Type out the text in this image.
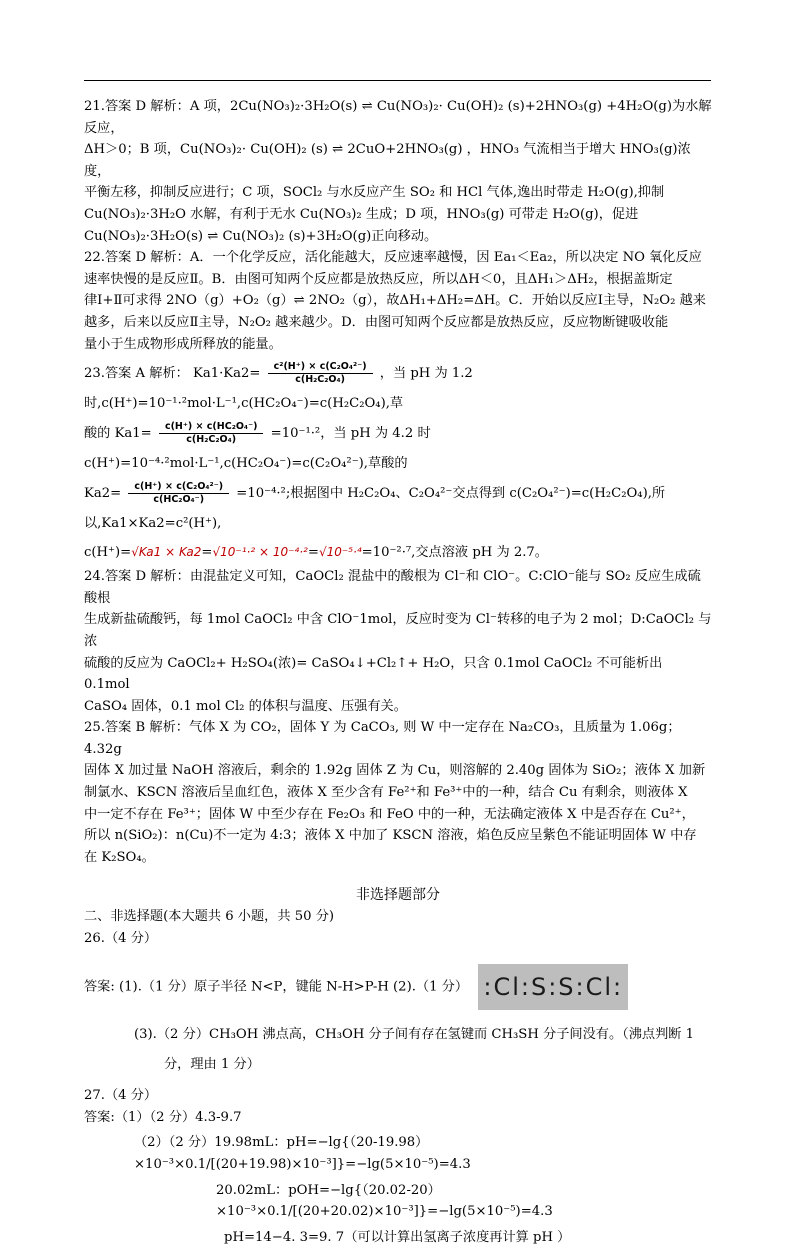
21.答案 D 解析：A 项，2Cu(NO₃)₂·3H₂O(s) ⇌ Cu(NO₃)₂· Cu(OH)₂ (s)+2HNO₃(g) +4H₂O(g)为水解反应，
ΔH＞0；B 项，Cu(NO₃)₂· Cu(OH)₂ (s) ⇌ 2CuO+2HNO₃(g) ，HNO₃ 气流相当于增大 HNO₃(g)浓度，
平衡左移，抑制反应进行；C 项，SOCl₂ 与水反应产生 SO₂ 和 HCl 气体,逸出时带走 H₂O(g),抑制
Cu(NO₃)₂·3H₂O 水解，有利于无水 Cu(NO₃)₂ 生成；D 项，HNO₃(g) 可带走 H₂O(g)，促进
Cu(NO₃)₂·3H₂O(s) ⇌ Cu(NO₃)₂ (s)+3H₂O(g)正向移动。
22.答案 D 解析：A．一个化学反应，活化能越大，反应速率越慢，因 Ea₁＜Ea₂，所以决定 NO 氧化反应
速率快慢的是反应Ⅱ。B．由图可知两个反应都是放热反应，所以ΔH＜0，且ΔH₁＞ΔH₂，根据盖斯定
律Ⅰ+Ⅱ可求得 2NO（g）+O₂（g）⇌ 2NO₂（g），故ΔH₁+ΔH₂=ΔH。C．开始以反应Ⅰ主导，N₂O₂ 越来
越多，后来以反应Ⅱ主导，N₂O₂ 越来越少。D．由图可知两个反应都是放热反应，反应物断键吸收能
量小于生成物形成所释放的能量。
23.答案 A 解析： $Ka1\cdot Ka2= \frac{\text{c²(H⁺) × c(C₂O₄²⁻)}}{\text{c(H₂C₂O₄)}}$ ，当 pH 为 1.2 时,c(H⁺)=10⁻¹·²mol·L⁻¹,c(HC₂O₄⁻)=c(H₂C₂O₄),草
酸的 $Ka1= \frac{\text{c(H⁺) × c(HC₂O₄⁻)}}{\text{c(H₂C₂O₄)}} =10^{-1}\cdot^2$，当 pH 为 4.2 时 c(H⁺)=10⁻⁴·²mol·L⁻¹,c(HC₂O₄⁻)=c(C₂O₄²⁻),草酸的
$Ka2= \frac{\text{c(H⁺) × c(C₂O₄²⁻)}}{\text{c(HC₂O₄⁻)}} =10^{-4}\cdot^2$;根据图中 H₂C₂O₄、C₂O₄²⁻交点得到 c(C₂O₄²⁻)=c(H₂C₂O₄),所以,Ka1×Ka2=c²(H⁺),
c(H⁺)=√Ka1 × Ka2=√10⁻¹·² × 10⁻⁴·²=√10⁻⁵·⁴=10⁻²·⁷,交点溶液 pH 为 2.7。
24.答案 D 解析：由混盐定义可知，CaOCl₂ 混盐中的酸根为 Cl⁻和 ClO⁻。C:ClO⁻能与 SO₂ 反应生成硫酸根
生成新盐硫酸钙，每 1mol CaOCl₂ 中含 ClO⁻1mol，反应时变为 Cl⁻转移的电子为 2 mol；D:CaOCl₂ 与浓
硫酸的反应为 CaOCl₂+ H₂SO₄(浓)= CaSO₄↓+Cl₂↑+ H₂O，只含 0.1mol CaOCl₂ 不可能析出 0.1mol
CaSO₄ 固体，0.1 mol Cl₂ 的体积与温度、压强有关。
25.答案 B 解析：气体 X 为 CO₂，固体 Y 为 CaCO₃, 则 W 中一定存在 Na₂CO₃，且质量为 1.06g；4.32g
固体 X 加过量 NaOH 溶液后，剩余的 1.92g 固体 Z 为 Cu，则溶解的 2.40g 固体为 SiO₂；液体 X 加新
制氯水、KSCN 溶液后呈血红色，液体 X 至少含有 Fe²⁺和 Fe³⁺中的一种，结合 Cu 有剩余，则液体 X
中一定不存在 Fe³⁺；固体 W 中至少存在 Fe₂O₃ 和 FeO 中的一种，无法确定液体 X 中是否存在 Cu²⁺，
所以 n(SiO₂)：n(Cu)不一定为 4:3；液体 X 中加了 KSCN 溶液，焰色反应呈紫色不能证明固体 W 中存
在 K₂SO₄。
非选择题部分
二、非选择题(本大题共 6 小题，共 50 分)
26.（4 分）
答案: (1).（1 分）原子半径 N<P，键能 N-H>P-H (2).（1 分） :Cl:S:S:Cl:
(3).（2 分）CH₃OH 沸点高，CH₃OH 分子间有存在氢键而 CH₃SH 分子间没有。（沸点判断 1
分，理由 1 分）
27.（4 分）
答案:（1）（2 分）4.3-9.7
（2）（2 分）19.98mL：pH=−lg{（20-19.98）×10⁻³×0.1/[(20+19.98)×10⁻³]}=−lg(5×10⁻⁵)=4.3
20.02mL：pOH=−lg{（20.02-20）×10⁻³×0.1/[(20+20.02)×10⁻³]}=−lg(5×10⁻⁵)=4.3
pH=14−4. 3=9. 7（可以计算出氢离子浓度再计算 pH ）
